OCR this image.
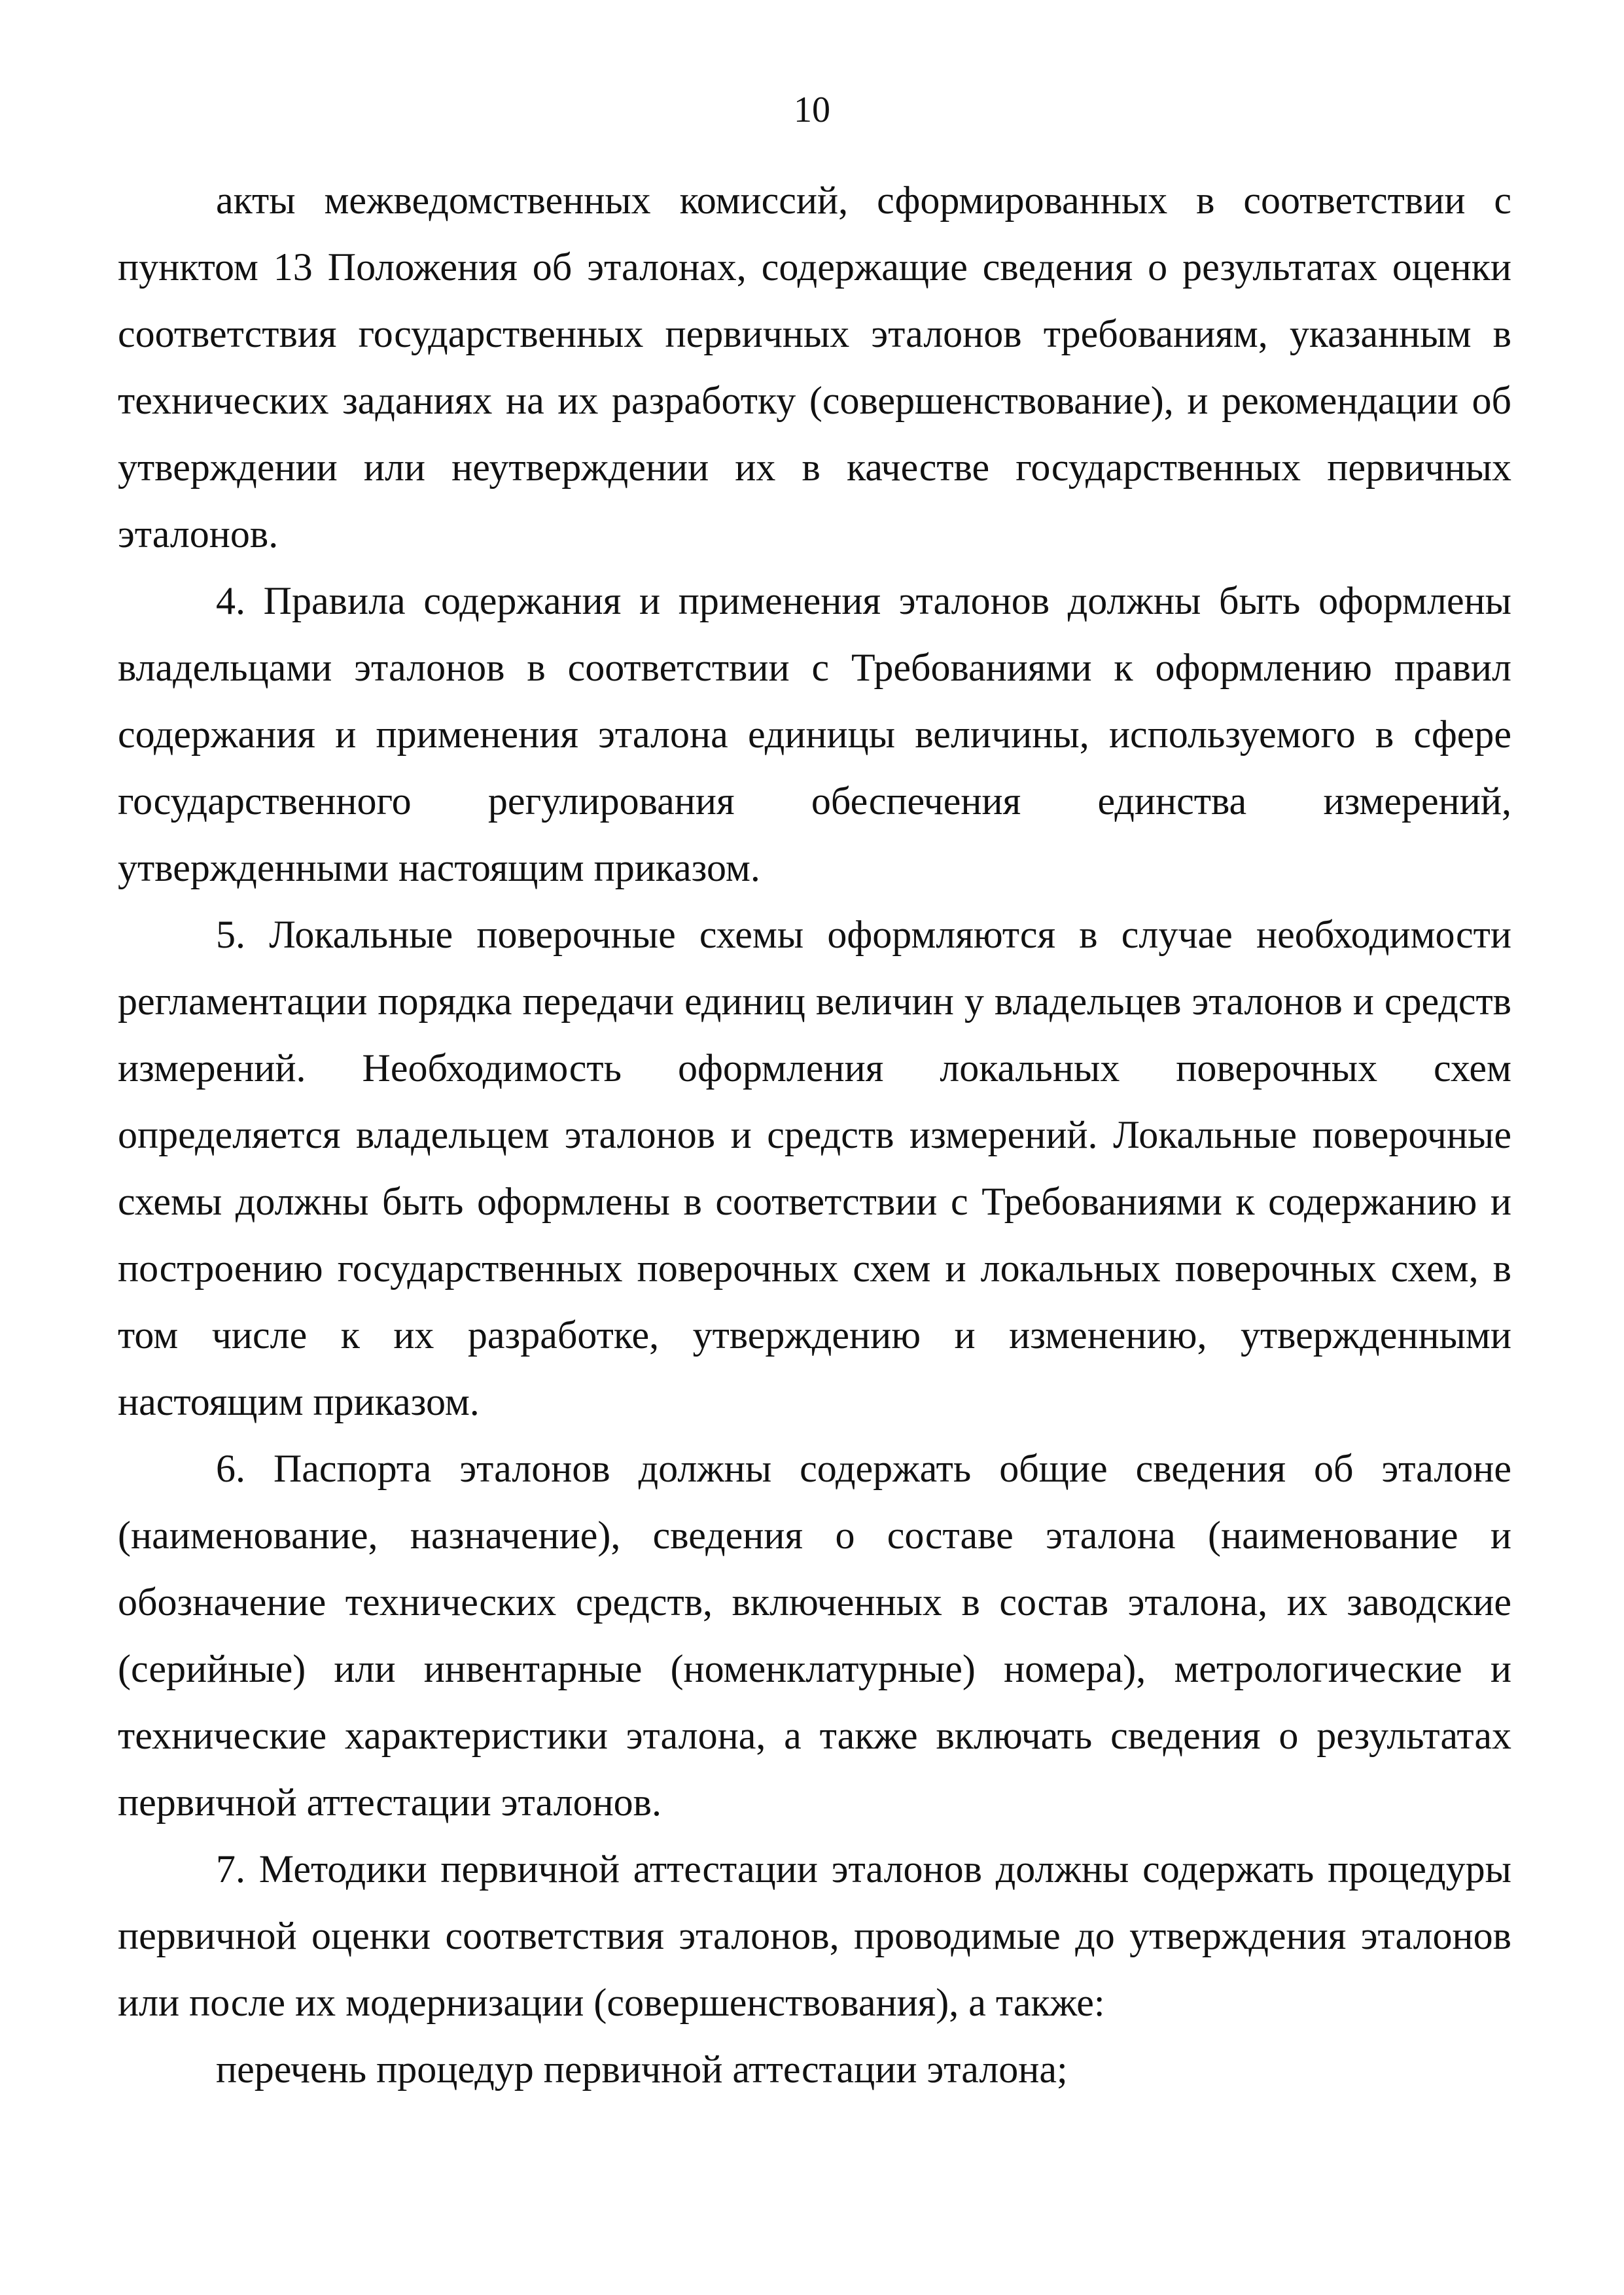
10

акты межведомственных комиссий, сформированных в соответствии с пунктом 13 Положения об эталонах, содержащие сведения о результатах оценки соответствия государственных первичных эталонов требованиям, указанным в технических заданиях на их разработку (совершенствование), и рекомендации об утверждении или неутверждении их в качестве государственных первичных эталонов.

4. Правила содержания и применения эталонов должны быть оформлены владельцами эталонов в соответствии с Требованиями к оформлению правил содержания и применения эталона единицы величины, используемого в сфере государственного регулирования обеспечения единства измерений, утвержденными настоящим приказом.

5. Локальные поверочные схемы оформляются в случае необходимости регламентации порядка передачи единиц величин у владельцев эталонов и средств измерений. Необходимость оформления локальных поверочных схем определяется владельцем эталонов и средств измерений. Локальные поверочные схемы должны быть оформлены в соответствии с Требованиями к содержанию и построению государственных поверочных схем и локальных поверочных схем, в том числе к их разработке, утверждению и изменению, утвержденными настоящим приказом.

6. Паспорта эталонов должны содержать общие сведения об эталоне (наименование, назначение), сведения о составе эталона (наименование и обозначение технических средств, включенных в состав эталона, их заводские (серийные) или инвентарные (номенклатурные) номера), метрологические и технические характеристики эталона, а также включать сведения о результатах первичной аттестации эталонов.

7. Методики первичной аттестации эталонов должны содержать процедуры первичной оценки соответствия эталонов, проводимые до утверждения эталонов или после их модернизации (совершенствования), а также:

перечень процедур первичной аттестации эталона;
